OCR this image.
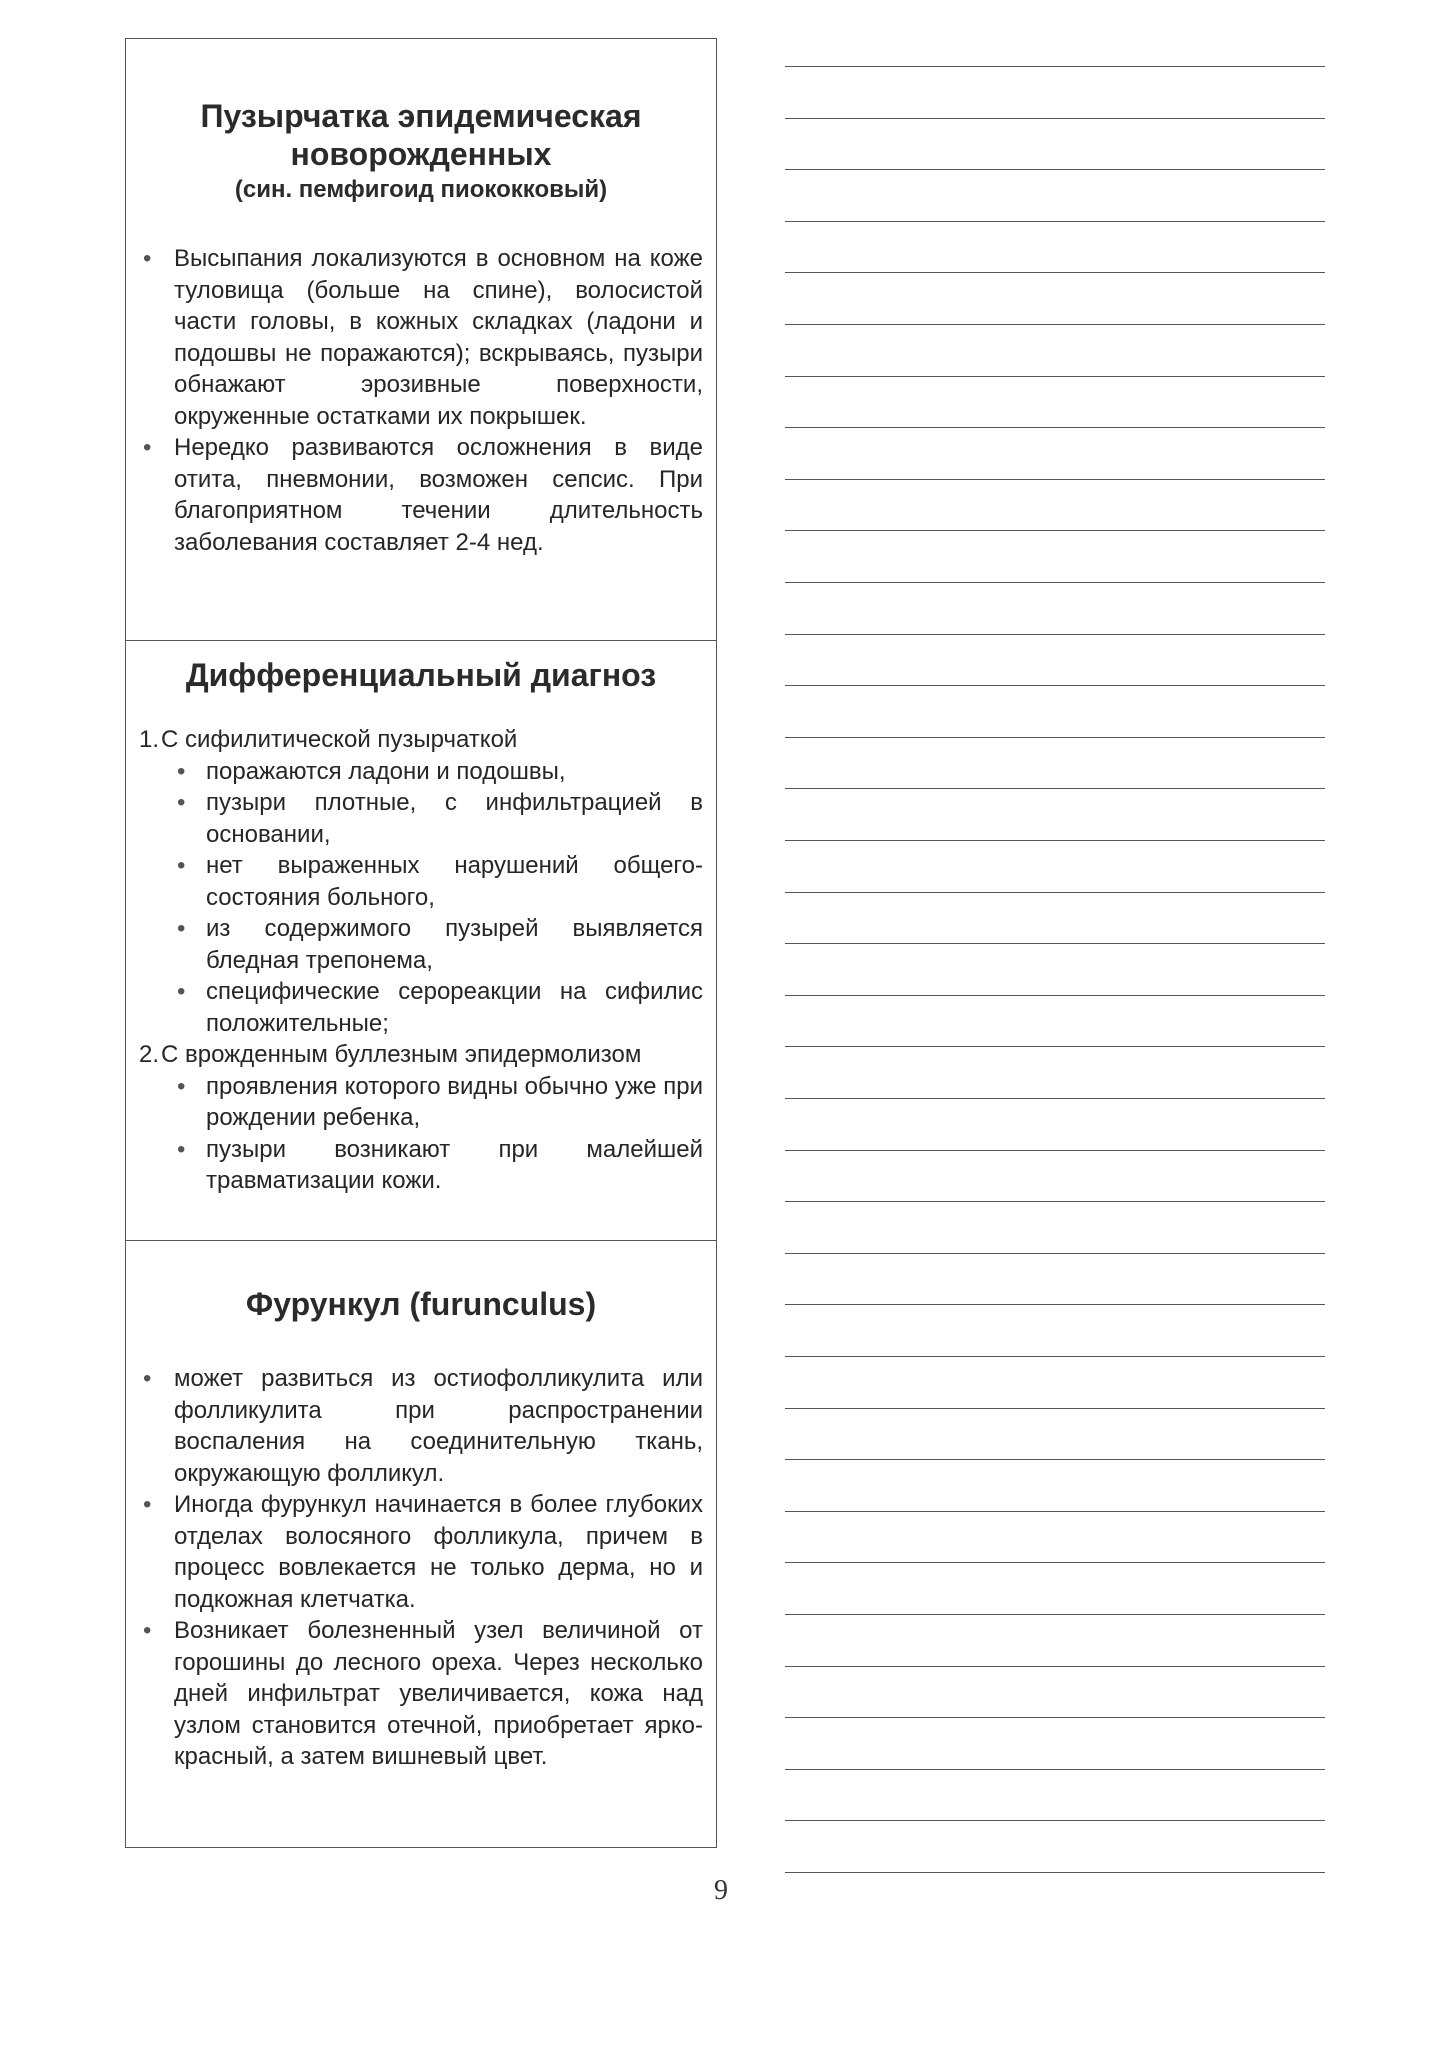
Пузырчатка эпидемическая новорожденных
(син. пемфигоид пиококковый)
• Высыпания локализуются в основном на коже туловища (больше на спине), волосистой части головы, в кожных складках (ладони и подошвы не поражаются); вскрываясь, пузыри обнажают эрозивные поверхности, окруженные остатками их покрышек.
• Нередко развиваются осложнения в виде отита, пневмонии, возможен сепсис. При благоприятном течении длительность заболевания составляет 2-4 нед.
Дифференциальный диагноз
1. С сифилитической пузырчаткой
• поражаются ладони и подошвы,
• пузыри плотные, с инфильтрацией в основании,
• нет выраженных нарушений общего-состояния больного,
• из содержимого пузырей выявляется бледная трепонема,
• специфические серореакции на сифилис положительные;
2. С врожденным буллезным эпидермолизом
• проявления которого видны обычно уже при рождении ребенка,
• пузыри возникают при малейшей травматизации кожи.
Фурункул (furunculus)
• может развиться из остиофолликулита или фолликулита при распространении воспаления на соединительную ткань, окружающую фолликул.
• Иногда фурункул начинается в более глубоких отделах волосяного фолликула, причем в процесс вовлекается не только дерма, но и подкожная клетчатка.
• Возникает болезненный узел величиной от горошины до лесного ореха. Через несколько дней инфильтрат увеличивается, кожа над узлом становится отечной, приобретает ярко-красный, а затем вишневый цвет.
9
